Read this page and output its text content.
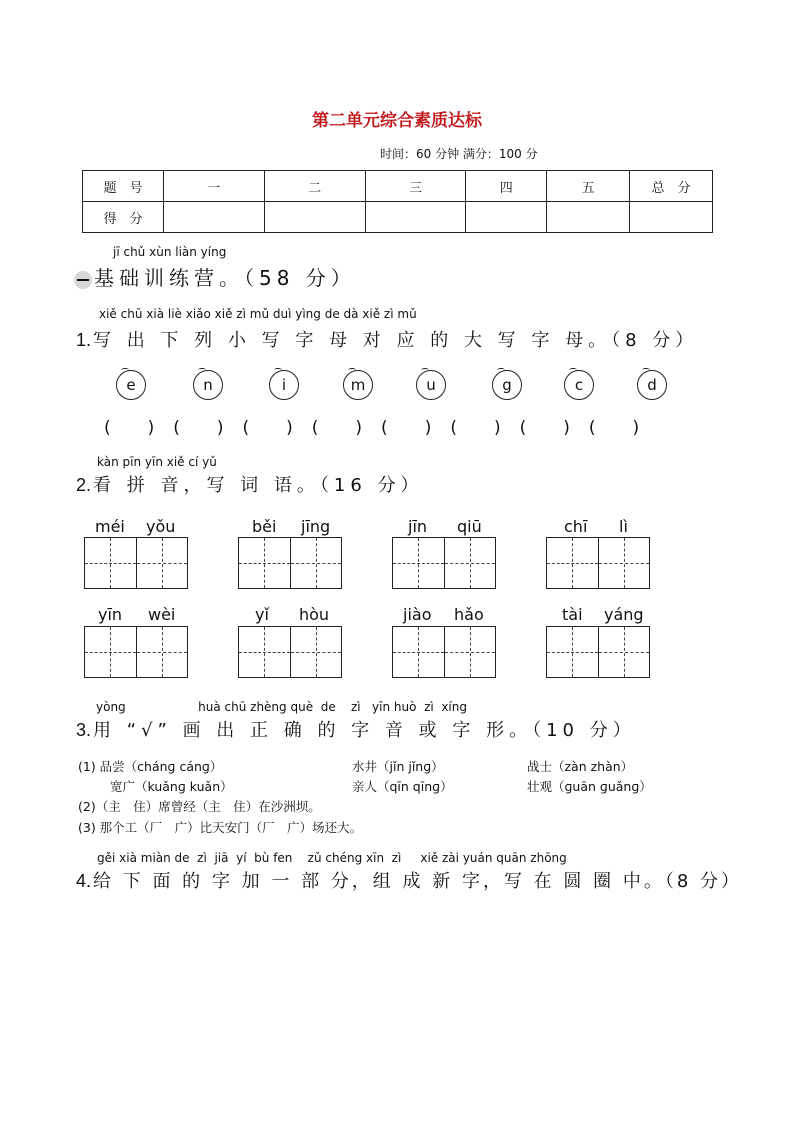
第二单元综合素质达标
时间：60 分钟 满分：100 分
题　号	一	二	三	四	五	总　分
得　分						
jī chǔ xùn liàn yíng
基础训练营。（58 分）
xiě chū xià liè xiǎo xiě zì mǔ duì yìng de dà xiě zì mǔ
1. 写 出 下 列 小 写 字 母 对 应 的 大 写 字 母。（8 分）
e	n	i	m	u	g	c	d
(　　)　(　　)　(　　)　(　　)　(　　)　(　　)　(　　)　(　　)
kàn pīn yīn xiě cí yǔ
2. 看 拼 音，写 词 语。（16 分）
méi yǒu	běi jīng	jīn qiū	chī lì
yīn wèi	yǐ hòu	jiào hǎo	tài yáng
yòng                   huà chū zhèng què  de    zì   yīn huò  zì  xíng
3. 用 “√” 画 出 正 确 的 字 音 或 字 形。（10 分）
(1) 品尝（chánɡ cánɡ）	水井（jǐn jǐnɡ）	战士（zàn zhàn）
宽广（kuǎnɡ kuǎn）	亲人（qīn qīnɡ）	壮观（ɡuān ɡuǎnɡ）
(2)（主　住）席曾经（主　住）在沙洲坝。
(3) 那个工（厂　广）比天安门（厂　广）场还大。
gěi xià miàn de  zì  jiā  yí  bù fen    zǔ chéng xīn  zì     xiě zài yuán quān zhōng
4. 给 下 面 的 字 加 一 部 分，组 成 新 字，写 在 圆 圈 中。（8 分）
